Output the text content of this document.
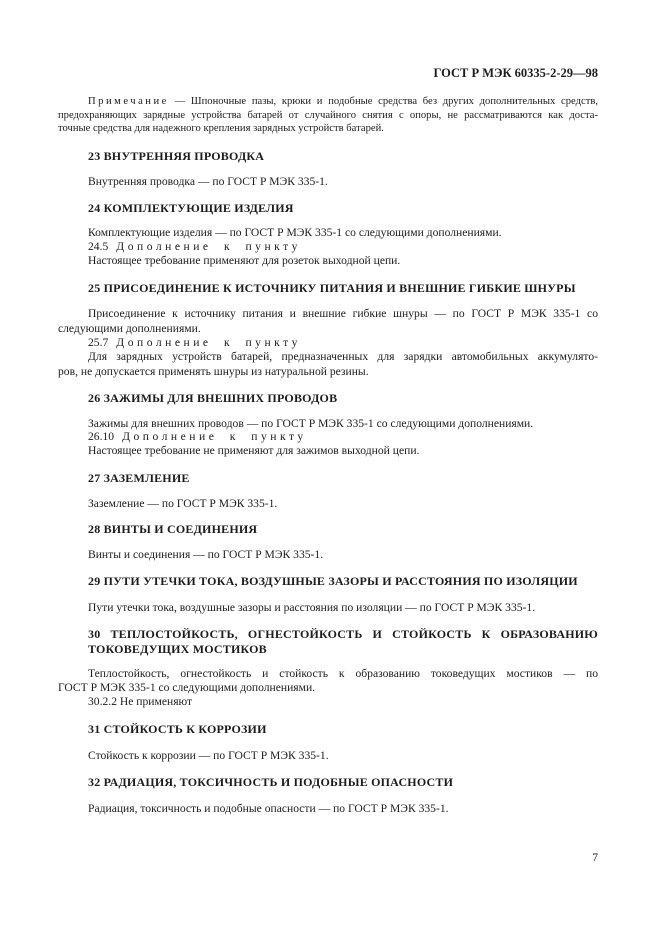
ГОСТ Р МЭК 60335-2-29—98
Примечание — Шпоночные пазы, крюки и подобные средства без других дополнительных средств,
предохраняющих зарядные устройства батарей от случайного снятия с опоры, не рассматриваются как доста-
точные средства для надежного крепления зарядных устройств батарей.
23 ВНУТРЕННЯЯ ПРОВОДКА
Внутренняя проводка — по ГОСТ Р МЭК 335-1.
24 КОМПЛЕКТУЮЩИЕ ИЗДЕЛИЯ
Комплектующие изделия — по ГОСТ Р МЭК 335-1 со следующими дополнениями.
24.5 Дополнение к пункту
Настоящее требование применяют для розеток выходной цепи.
25 ПРИСОЕДИНЕНИЕ К ИСТОЧНИКУ ПИТАНИЯ И ВНЕШНИЕ ГИБКИЕ ШНУРЫ
Присоединение к источнику питания и внешние гибкие шнуры — по ГОСТ Р МЭК 335-1 со
следующими дополнениями.
25.7 Дополнение к пункту
Для зарядных устройств батарей, предназначенных для зарядки автомобильных аккумулято-
ров, не допускается применять шнуры из натуральной резины.
26 ЗАЖИМЫ ДЛЯ ВНЕШНИХ ПРОВОДОВ
Зажимы для внешних проводов — по ГОСТ Р МЭК 335-1 со следующими дополнениями.
26.10 Дополнение к пункту
Настоящее требование не применяют для зажимов выходной цепи.
27 ЗАЗЕМЛЕНИЕ
Заземление — по ГОСТ Р МЭК 335-1.
28 ВИНТЫ И СОЕДИНЕНИЯ
Винты и соединения — по ГОСТ Р МЭК 335-1.
29 ПУТИ УТЕЧКИ ТОКА, ВОЗДУШНЫЕ ЗАЗОРЫ И РАССТОЯНИЯ ПО ИЗОЛЯЦИИ
Пути утечки тока, воздушные зазоры и расстояния по изоляции — по ГОСТ Р МЭК 335-1.
30 ТЕПЛОСТОЙКОСТЬ, ОГНЕСТОЙКОСТЬ И СТОЙКОСТЬ К ОБРАЗОВАНИЮ
ТОКОВЕДУЩИХ МОСТИКОВ
Теплостойкость, огнестойкость и стойкость к образованию токоведущих мостиков — по
ГОСТ Р МЭК 335-1 со следующими дополнениями.
30.2.2 Не применяют
31 СТОЙКОСТЬ К КОРРОЗИИ
Стойкость к коррозии — по ГОСТ Р МЭК 335-1.
32 РАДИАЦИЯ, ТОКСИЧНОСТЬ И ПОДОБНЫЕ ОПАСНОСТИ
Радиация, токсичность и подобные опасности — по ГОСТ Р МЭК 335-1.
7
